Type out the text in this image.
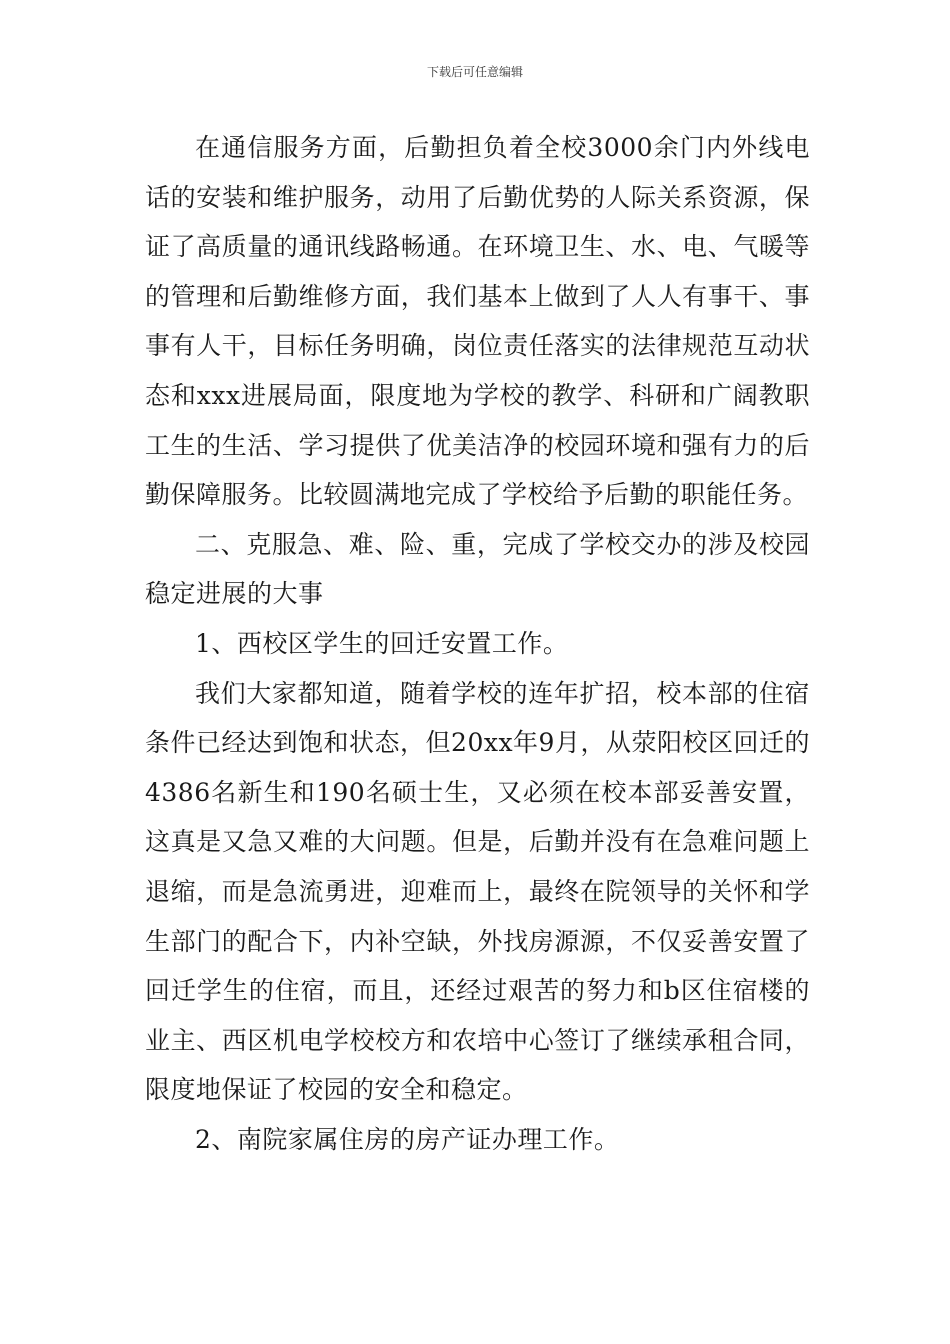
下载后可任意编辑

在通信服务方面，后勤担负着全校3000余门内外线电话的安装和维护服务，动用了后勤优势的人际关系资源，保证了高质量的通讯线路畅通。在环境卫生、水、电、气暖等的管理和后勤维修方面，我们基本上做到了人人有事干、事事有人干，目标任务明确，岗位责任落实的法律规范互动状态和xxx进展局面，限度地为学校的教学、科研和广阔教职工生的生活、学习提供了优美洁净的校园环境和强有力的后勤保障服务。比较圆满地完成了学校给予后勤的职能任务。

二、克服急、难、险、重，完成了学校交办的涉及校园稳定进展的大事

1、西校区学生的回迁安置工作。

我们大家都知道，随着学校的连年扩招，校本部的住宿条件已经达到饱和状态，但20xx年9月，从荥阳校区回迁的4386名新生和190名硕士生，又必须在校本部妥善安置，这真是又急又难的大问题。但是，后勤并没有在急难问题上退缩，而是急流勇进，迎难而上，最终在院领导的关怀和学生部门的配合下，内补空缺，外找房源源，不仅妥善安置了回迁学生的住宿，而且，还经过艰苦的努力和b区住宿楼的业主、西区机电学校校方和农培中心签订了继续承租合同，限度地保证了校园的安全和稳定。

2、南院家属住房的房产证办理工作。
